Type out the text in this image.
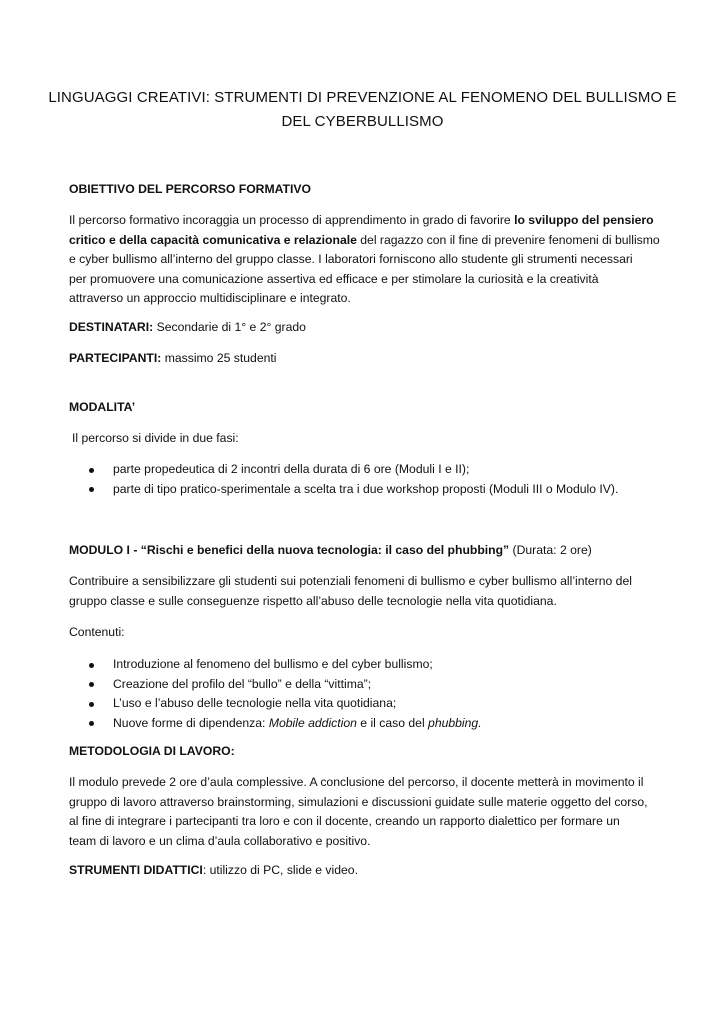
LINGUAGGI CREATIVI: STRUMENTI DI PREVENZIONE AL FENOMENO DEL BULLISMO E
DEL CYBERBULLISMO
OBIETTIVO DEL PERCORSO FORMATIVO
Il percorso formativo incoraggia un processo di apprendimento in grado di favorire lo sviluppo del pensiero
critico e della capacità comunicativa e relazionale del ragazzo con il fine di prevenire fenomeni di bullismo
e cyber bullismo all’interno del gruppo classe. I laboratori forniscono allo studente gli strumenti necessari
per promuovere una comunicazione assertiva ed efficace e per stimolare la curiosità e la creatività
attraverso un approccio multidisciplinare e integrato.
DESTINATARI: Secondarie di 1° e 2° grado
PARTECIPANTI: massimo 25 studenti
MODALITA’
Il percorso si divide in due fasi:
parte propedeutica di 2 incontri della durata di 6 ore (Moduli I e II);
parte di tipo pratico-sperimentale a scelta tra i due workshop proposti (Moduli III o Modulo IV).
MODULO I - “Rischi e benefici della nuova tecnologia: il caso del phubbing” (Durata: 2 ore)
Contribuire a sensibilizzare gli studenti sui potenziali fenomeni di bullismo e cyber bullismo all’interno del
gruppo classe e sulle conseguenze rispetto all’abuso delle tecnologie nella vita quotidiana.
Contenuti:
Introduzione al fenomeno del bullismo e del cyber bullismo;
Creazione del profilo del “bullo” e della “vittima”;
L’uso e l’abuso delle tecnologie nella vita quotidiana;
Nuove forme di dipendenza: Mobile addiction e il caso del phubbing.
METODOLOGIA DI LAVORO:
Il modulo prevede 2 ore d’aula complessive. A conclusione del percorso, il docente metterà in movimento il
gruppo di lavoro attraverso brainstorming, simulazioni e discussioni guidate sulle materie oggetto del corso,
al fine di integrare i partecipanti tra loro e con il docente, creando un rapporto dialettico per formare un
team di lavoro e un clima d’aula collaborativo e positivo.
STRUMENTI DIDATTICI: utilizzo di PC, slide e video.
